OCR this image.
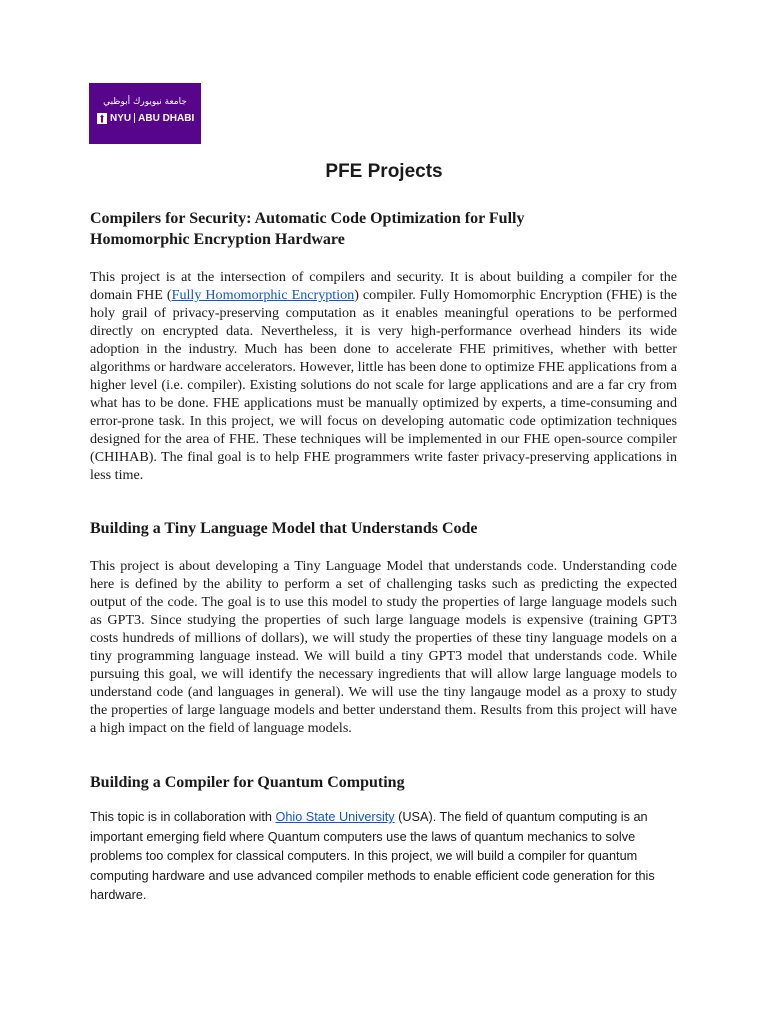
جامعة نيويورك أبوظبي
NYU ABU DHABI
PFE Projects
Compilers for Security: Automatic Code Optimization for Fully Homomorphic Encryption Hardware

This project is at the intersection of compilers and security. It is about building a compiler for the domain FHE (Fully Homomorphic Encryption) compiler. Fully Homomorphic Encryption (FHE) is the holy grail of privacy-preserving computation as it enables meaningful operations to be performed directly on encrypted data. Nevertheless, it is very high-performance overhead hinders its wide adoption in the industry. Much has been done to accelerate FHE primitives, whether with better algorithms or hardware accelerators. However, little has been done to optimize FHE applications from a higher level (i.e. compiler). Existing solutions do not scale for large applications and are a far cry from what has to be done. FHE applications must be manually optimized by experts, a time-consuming and error-prone task. In this project, we will focus on developing automatic code optimization techniques designed for the area of FHE. These techniques will be implemented in our FHE open-source compiler (CHIHAB). The final goal is to help FHE programmers write faster privacy-preserving applications in less time.

Building a Tiny Language Model that Understands Code

This project is about developing a Tiny Language Model that understands code. Understanding code here is defined by the ability to perform a set of challenging tasks such as predicting the expected output of the code. The goal is to use this model to study the properties of large language models such as GPT3. Since studying the properties of such large language models is expensive (training GPT3 costs hundreds of millions of dollars), we will study the properties of these tiny language models on a tiny programming language instead. We will build a tiny GPT3 model that understands code. While pursuing this goal, we will identify the necessary ingredients that will allow large language models to understand code (and languages in general). We will use the tiny langauge model as a proxy to study the properties of large language models and better understand them. Results from this project will have a high impact on the field of language models.

Building a Compiler for Quantum Computing

This topic is in collaboration with Ohio State University (USA). The field of quantum computing is an important emerging field where Quantum computers use the laws of quantum mechanics to solve problems too complex for classical computers. In this project, we will build a compiler for quantum computing hardware and use advanced compiler methods to enable efficient code generation for this hardware.
